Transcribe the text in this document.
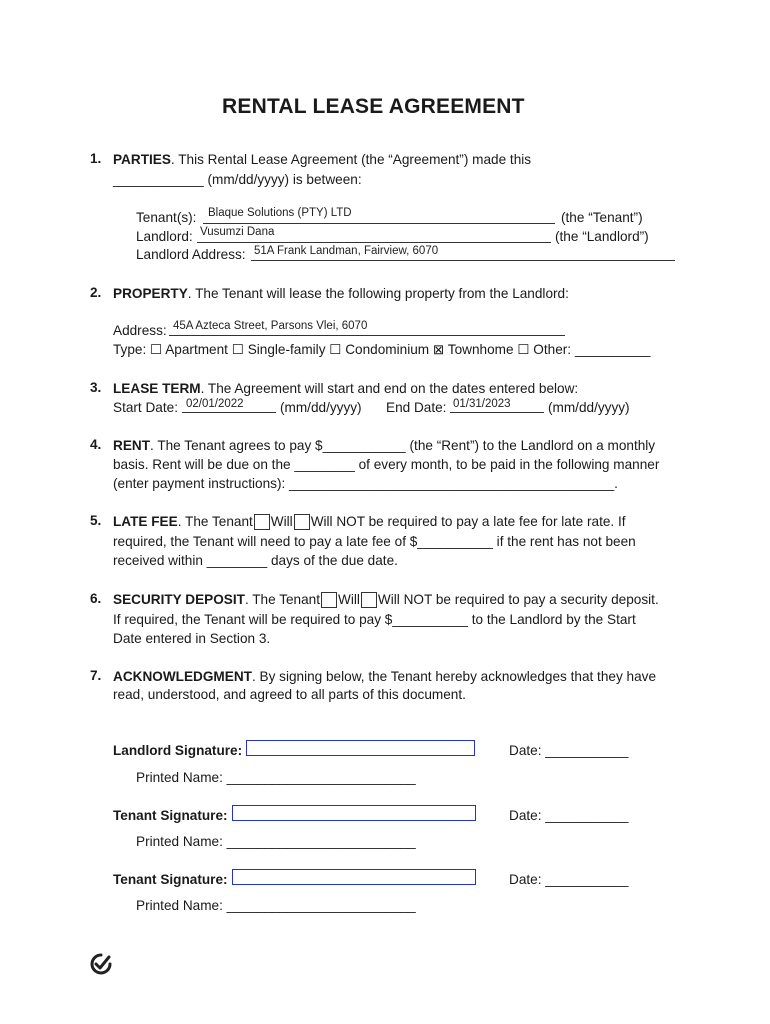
RENTAL LEASE AGREEMENT
1. PARTIES. This Rental Lease Agreement (the “Agreement”) made this
____________ (mm/dd/yyyy) is between:
Tenant(s): Blaque Solutions (PTY) LTD	(the “Tenant”)
Landlord: Vusumzi Dana	(the “Landlord”)
Landlord Address: 51A Frank Landman, Fairview, 6070
2. PROPERTY. The Tenant will lease the following property from the Landlord:
Address: 45A Azteca Street, Parsons Vlei, 6070
Type: ☐ Apartment ☐ Single-family ☐ Condominium ⊠ Townhome ☐ Other: __________
3. LEASE TERM. The Agreement will start and end on the dates entered below:
Start Date: 02/01/2022	(mm/dd/yyyy) End Date: 01/31/2023	(mm/dd/yyyy)
4. RENT. The Tenant agrees to pay $___________ (the “Rent”) to the Landlord on a monthly
basis. Rent will be due on the ________ of every month, to be paid in the following manner
(enter payment instructions): ___________________________________________.
5. LATE FEE. The Tenant Will Will NOT be required to pay a late fee for late rate. If
required, the Tenant will need to pay a late fee of $__________ if the rent has not been
received within ________ days of the due date.
6. SECURITY DEPOSIT. The Tenant Will Will NOT be required to pay a security deposit.
If required, the Tenant will be required to pay $__________ to the Landlord by the Start
Date entered in Section 3.
7. ACKNOWLEDGMENT. By signing below, the Tenant hereby acknowledges that they have
read, understood, and agreed to all parts of this document.
Landlord Signature:	Date: ___________
Printed Name: _________________________
Tenant Signature:	Date: ___________
Printed Name: _________________________
Tenant Signature:	Date: ___________
Printed Name: _________________________
